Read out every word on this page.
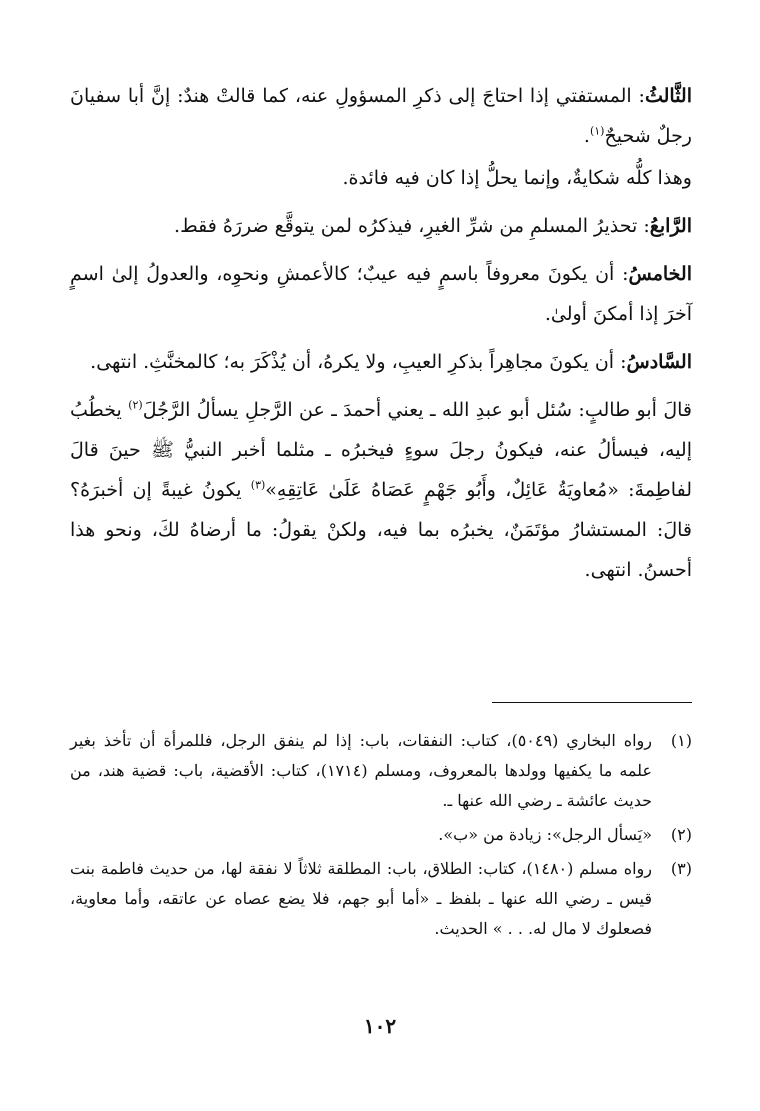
الثَّالثُ: المستفتي إذا احتاجَ إلى ذكرِ المسؤولِ عنه، كما قالتْ هندٌ: إنَّ أبا سفيانَ رجلٌ شحيحٌ$^{(١)}$.

وهذا كلُّه شكايةٌ، وإنما يحلُّ إذا كان فيه فائدة.

الرَّابعُ: تحذيرُ المسلمِ من شرِّ الغيرِ، فيذكرُه لمن يتوقَّع ضررَهُ فقط.

الخامسُ: أن يكونَ معروفاً باسمٍ فيه عيبٌ؛ كالأعمشِ ونحوِه، والعدولُ إلىٰ اسمٍ آخرَ إذا أمكنَ أولىٰ.

السَّادسُ: أن يكونَ مجاهِراً بذكرِ العيبِ، ولا يكرهُ، أن يُذْكَرَ به؛ كالمخنَّثِ. انتهى.

قالَ أبو طالبٍ: سُئل أبو عبدِ الله ـ يعني أحمدَ ـ عن الرَّجلِ يسألُ الرَّجُلَ$^{(٢)}$ يخطُبُ إليه، فيسألُ عنه، فيكونُ رجلَ سوءٍ فيخبرُه ـ مثلما أخبر النبيُّ ﷺ حينَ قالَ لفاطِمةَ: «مُعاويَةُ عَائِلٌ، وأَبُو جَهْمٍ عَصَاهُ عَلَىٰ عَاتِقِهِ»$^{(٣)}$ يكونُ غيبةً إن أخبرَهُ؟ قالَ: المستشارُ مؤتَمَنٌ، يخبرُه بما فيه، ولكنْ يقولُ: ما أرضاهُ لكَ، ونحو هذا أحسنُ. انتهى.

(١)
رواه البخاري (٥٠٤٩)، كتاب: النفقات، باب: إذا لم ينفق الرجل، فللمرأة أن تأخذ بغير علمه ما يكفيها وولدها بالمعروف، ومسلم (١٧١٤)، كتاب: الأقضية، باب: قضية هند، من حديث عائشة ـ رضي الله عنها ـ.
(٢)
«يَسأل الرجل»: زيادة من «ب».
(٣)
رواه مسلم (١٤٨٠)، كتاب: الطلاق، باب: المطلقة ثلاثاً لا نفقة لها، من حديث فاطمة بنت قيس ـ رضي الله عنها ـ بلفظ ـ «أما أبو جهم، فلا يضع عصاه عن عاتقه، وأما معاوية، فصعلوك لا مال له. . . » الحديث.
١٠٢
